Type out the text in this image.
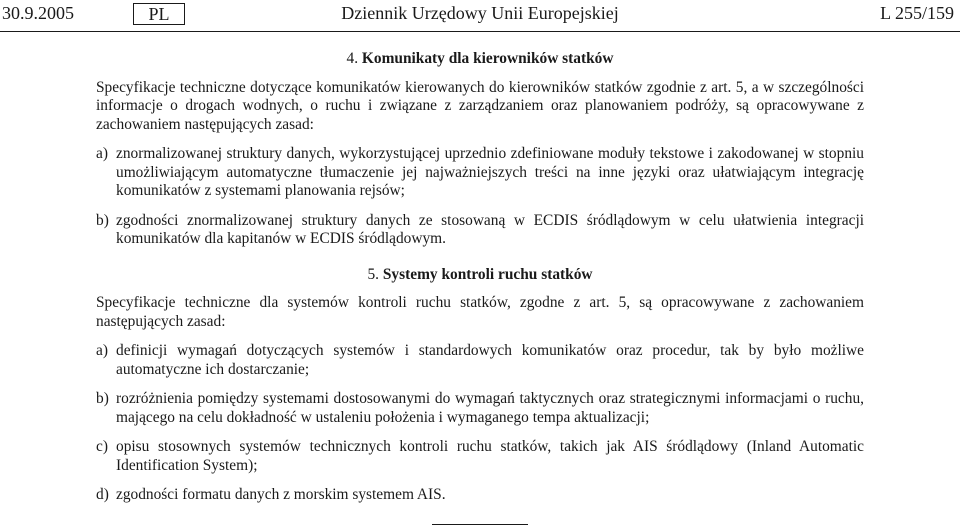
30.9.2005	PL	Dziennik Urzędowy Unii Europejskiej	L 255/159
4. Komunikaty dla kierowników statków

Specyfikacje techniczne dotyczące komunikatów kierowanych do kierowników statków zgodnie z art. 5, a w szczególności informacje o drogach wodnych, o ruchu i związane z zarządzaniem oraz planowaniem podróży, są opracowywane z zachowaniem następujących zasad:

a) znormalizowanej struktury danych, wykorzystującej uprzednio zdefiniowane moduły tekstowe i zakodowanej w stopniu umożliwiającym automatyczne tłumaczenie jej najważniejszych treści na inne języki oraz ułatwiającym integrację komunikatów z systemami planowania rejsów;
b) zgodności znormalizowanej struktury danych ze stosowaną w ECDIS śródlądowym w celu ułatwienia integracji komunikatów dla kapitanów w ECDIS śródlądowym.
5. Systemy kontroli ruchu statków

Specyfikacje techniczne dla systemów kontroli ruchu statków, zgodne z art. 5, są opracowywane z zachowaniem następujących zasad:

a) definicji wymagań dotyczących systemów i standardowych komunikatów oraz procedur, tak by było możliwe automatyczne ich dostarczanie;
b) rozróżnienia pomiędzy systemami dostosowanymi do wymagań taktycznych oraz strategicznymi informacjami o ruchu, mającego na celu dokładność w ustaleniu położenia i wymaganego tempa aktualizacji;
c) opisu stosownych systemów technicznych kontroli ruchu statków, takich jak AIS śródlądowy (Inland Automatic Identification System);
d) zgodności formatu danych z morskim systemem AIS.
